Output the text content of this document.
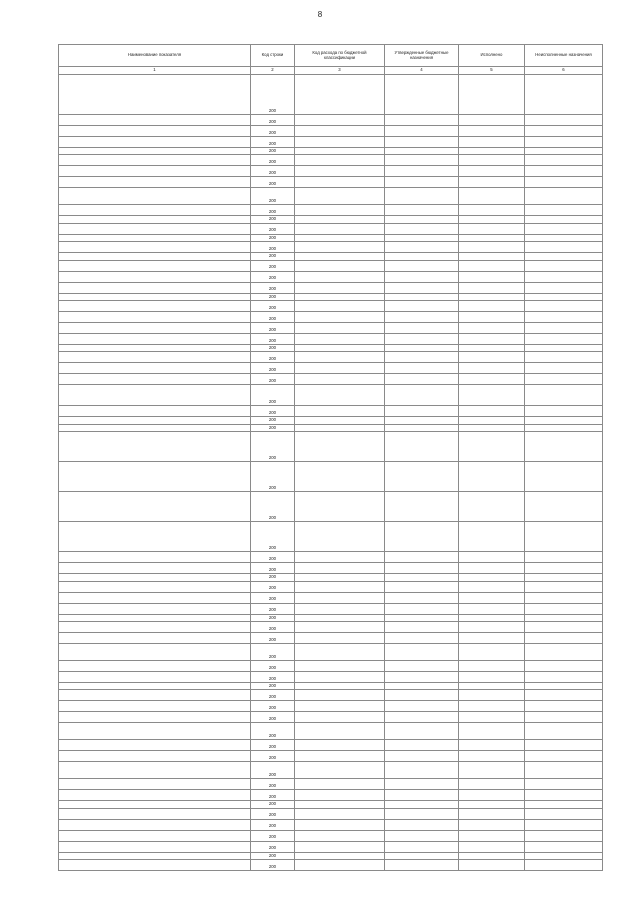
8
Наименование показателя	Код строки	Код расхода по бюджетной классификации	Утвержденные бюджетные назначения	Исполнено	Неисполненные назначения
1	2	3	4	5	6
	200				
	200				
	200				
	200				
	200				
	200				
	200				
	200				
	200				
	200				
	200				
	200				
	200				
	200				
	200				
	200				
	200				
	200				
	200				
	200				
	200				
	200				
	200				
	200				
	200				
	200				
	200				
	200				
	200				
	200				
	200				
	200				
	200				
	200				
	200				
	200				
	200				
	200				
	200				
	200				
	200				
	200				
	200				
	200				
	200				
	200				
	200				
	200				
	200				
	200				
	200				
	200				
	200				
	200				
	200				
	200				
	200				
	200				
	200				
	200				
	200				
	200				
	200				
	200				
